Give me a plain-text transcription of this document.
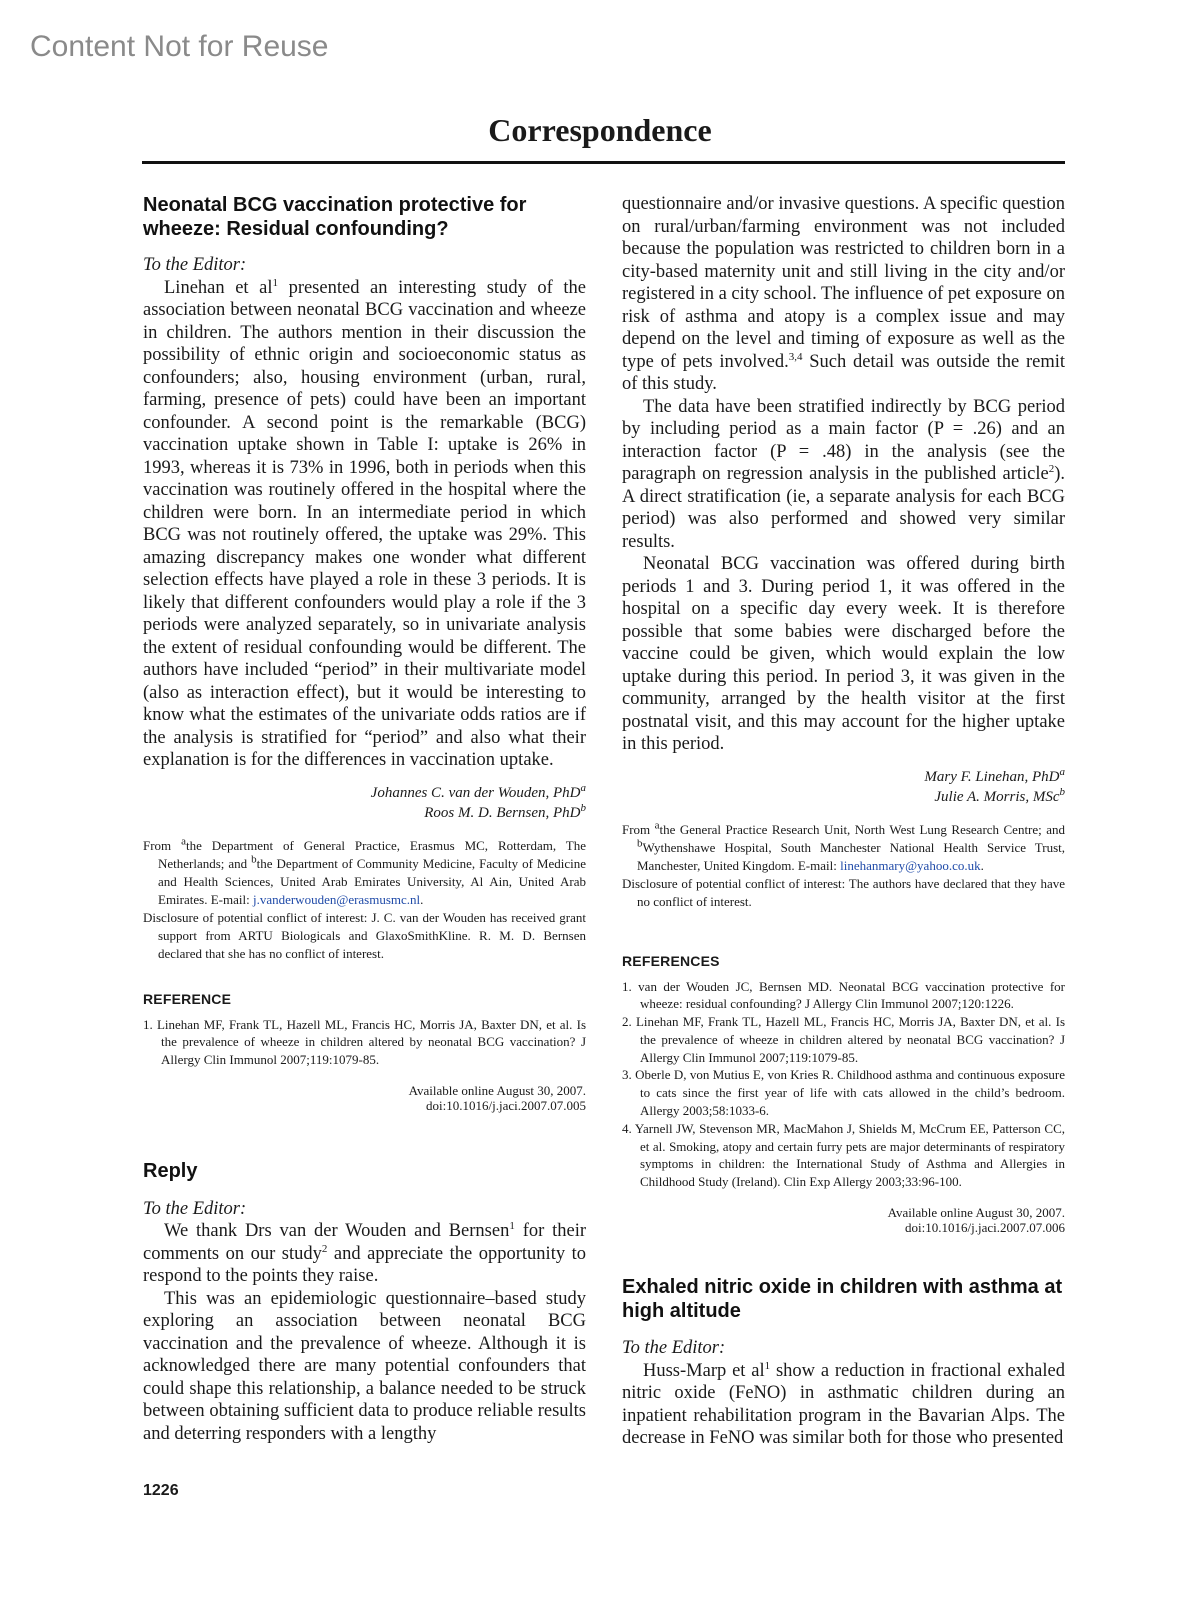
Content Not for Reuse
Correspondence
Neonatal BCG vaccination protective for wheeze: Residual confounding?

To the Editor:

Linehan et $al^1$ presented an interesting study of the association between neonatal BCG vaccination and wheeze in children. The authors mention in their discussion the possibility of ethnic origin and socioeconomic status as confounders; also, housing environment (urban, rural, farming, presence of pets) could have been an important confounder. A second point is the remarkable (BCG) vaccination uptake shown in Table I: uptake is 26% in 1993, whereas it is 73% in 1996, both in periods when this vaccination was routinely offered in the hospital where the children were born. In an intermediate period in which BCG was not routinely offered, the uptake was 29%. This amazing discrepancy makes one wonder what different selection effects have played a role in these 3 periods. It is likely that different confounders would play a role if the 3 periods were analyzed separately, so in univariate analysis the extent of residual confounding would be different. The authors have included “period” in their multivariate model (also as interaction effect), but it would be interesting to know what the estimates of the univariate odds ratios are if the analysis is stratified for “period” and also what their explanation is for the differences in vaccination uptake.

Johannes C. van der Wouden, PhD$^a$

Roos M. D. Bernsen, PhD$^b$

From $^a$the Department of General Practice, Erasmus MC, Rotterdam, The Netherlands; and $^b$the Department of Community Medicine, Faculty of Medicine and Health Sciences, United Arab Emirates University, Al Ain, United Arab Emirates. E-mail: j.vanderwouden@erasmusmc.nl.

Disclosure of potential conflict of interest: J. C. van der Wouden has received grant support from ARTU Biologicals and GlaxoSmithKline. R. M. D. Bernsen declared that she has no conflict of interest.

REFERENCE

1. Linehan MF, Frank TL, Hazell ML, Francis HC, Morris JA, Baxter DN, et al. Is the prevalence of wheeze in children altered by neonatal BCG vaccination? J Allergy Clin Immunol 2007;119:1079-85.

Available online August 30, 2007.

doi:10.1016/j.jaci.2007.07.005

Reply

To the Editor:

We thank Drs van der Wouden and Bernsen$^1$ for their comments on our study$^2$ and appreciate the opportunity to respond to the points they raise.

This was an epidemiologic questionnaire–based study exploring an association between neonatal BCG vaccination and the prevalence of wheeze. Although it is acknowledged there are many potential confounders that could shape this relationship, a balance needed to be struck between obtaining sufficient data to produce reliable results and deterring responders with a lengthy

questionnaire and/or invasive questions. A specific question on rural/urban/farming environment was not included because the population was restricted to children born in a city-based maternity unit and still living in the city and/or registered in a city school. The influence of pet exposure on risk of asthma and atopy is a complex issue and may depend on the level and timing of exposure as well as the type of pets involved.$^{3,4}$ Such detail was outside the remit of this study.

The data have been stratified indirectly by BCG period by including period as a main factor (P = .26) and an interaction factor (P = .48) in the analysis (see the paragraph on regression analysis in the published article$^2$). A direct stratification (ie, a separate analysis for each BCG period) was also performed and showed very similar results.

Neonatal BCG vaccination was offered during birth periods 1 and 3. During period 1, it was offered in the hospital on a specific day every week. It is therefore possible that some babies were discharged before the vaccine could be given, which would explain the low uptake during this period. In period 3, it was given in the community, arranged by the health visitor at the first postnatal visit, and this may account for the higher uptake in this period.

Mary F. Linehan, PhD$^a$

Julie A. Morris, MSc$^b$

From $^a$the General Practice Research Unit, North West Lung Research Centre; and $^b$Wythenshawe Hospital, South Manchester National Health Service Trust, Manchester, United Kingdom. E-mail: linehanmary@yahoo.co.uk.

Disclosure of potential conflict of interest: The authors have declared that they have no conflict of interest.

REFERENCES

1. van der Wouden JC, Bernsen MD. Neonatal BCG vaccination protective for wheeze: residual confounding? J Allergy Clin Immunol 2007;120:1226.
2. Linehan MF, Frank TL, Hazell ML, Francis HC, Morris JA, Baxter DN, et al. Is the prevalence of wheeze in children altered by neonatal BCG vaccination? J Allergy Clin Immunol 2007;119:1079-85.
3. Oberle D, von Mutius E, von Kries R. Childhood asthma and continuous exposure to cats since the first year of life with cats allowed in the child’s bedroom. Allergy 2003;58:1033-6.
4. Yarnell JW, Stevenson MR, MacMahon J, Shields M, McCrum EE, Patterson CC, et al. Smoking, atopy and certain furry pets are major determinants of respiratory symptoms in children: the International Study of Asthma and Allergies in Childhood Study (Ireland). Clin Exp Allergy 2003;33:96-100.

Available online August 30, 2007.

doi:10.1016/j.jaci.2007.07.006

Exhaled nitric oxide in children with asthma at high altitude

To the Editor:

Huss-Marp et $al^1$ show a reduction in fractional exhaled nitric oxide (FeNO) in asthmatic children during an inpatient rehabilitation program in the Bavarian Alps. The decrease in FeNO was similar both for those who presented

1226
